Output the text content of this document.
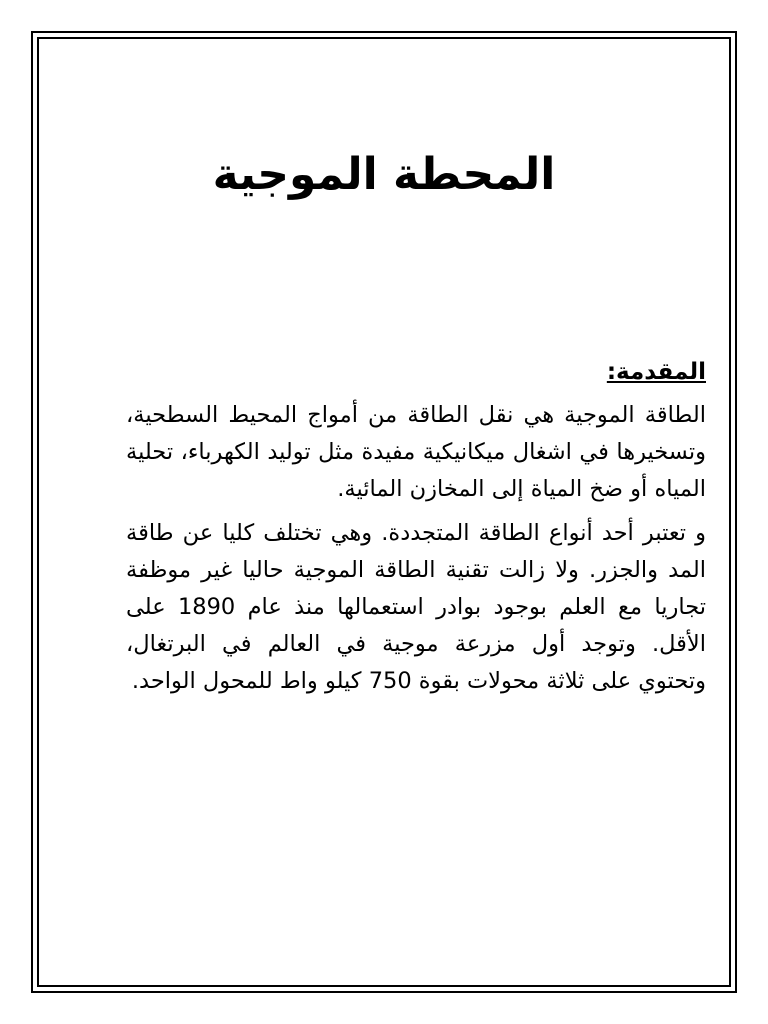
المحطة الموجية
المقدمة:

الطاقة الموجية هي نقل الطاقة من أمواج المحيط السطحية، وتسخيرها في اشغال ميكانيكية مفيدة مثل توليد الكهرباء، تحلية المياه أو ضخ المياة إلى المخازن المائية.

و تعتبر أحد أنواع الطاقة المتجددة. وهي تختلف كليا عن طاقة المد والجزر. ولا زالت تقنية الطاقة الموجية حاليا غير موظفة تجاريا مع العلم بوجود بوادر استعمالها منذ عام 1890 على الأقل. وتوجد أول مزرعة موجية في العالم في البرتغال، وتحتوي على ثلاثة محولات بقوة 750 كيلو واط للمحول الواحد.
